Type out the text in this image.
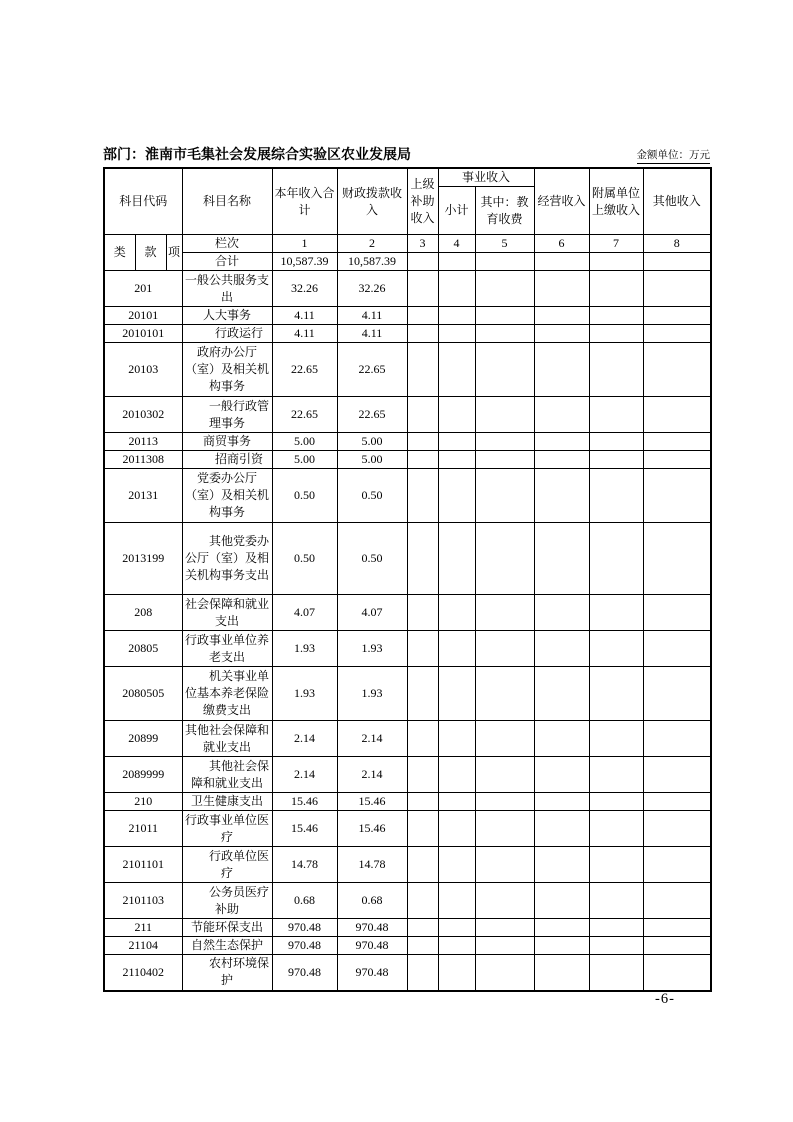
部门：淮南市毛集社会发展综合实验区农业发展局	金额单位：万元
科目代码			科目名称	本年收入合计	财政拨款收入	上级补助收入	事业收入		经营收入	附属单位上缴收入	其他收入
							小计	其中：教育收费			
类	款	项	栏次	1	2	3	4	5	6	7	8
			合计	10,587.39	10,587.39						
201			一般公共服务支出	32.26	32.26						
20101			人大事务	4.11	4.11						
2010101			行政运行	4.11	4.11						
20103			政府办公厅（室）及相关机构事务	22.65	22.65						
2010302			一般行政管理事务	22.65	22.65						
20113			商贸事务	5.00	5.00						
2011308			招商引资	5.00	5.00						
20131			党委办公厅（室）及相关机构事务	0.50	0.50						
2013199			其他党委办公厅（室）及相关机构事务支出	0.50	0.50						
208			社会保障和就业支出	4.07	4.07						
20805			行政事业单位养老支出	1.93	1.93						
2080505			机关事业单位基本养老保险缴费支出	1.93	1.93						
20899			其他社会保障和就业支出	2.14	2.14						
2089999			其他社会保障和就业支出	2.14	2.14						
210			卫生健康支出	15.46	15.46						
21011			行政事业单位医疗	15.46	15.46						
2101101			行政单位医疗	14.78	14.78						
2101103			公务员医疗补助	0.68	0.68						
211			节能环保支出	970.48	970.48						
21104			自然生态保护	970.48	970.48						
2110402			农村环境保护	970.48	970.48						
-6-
